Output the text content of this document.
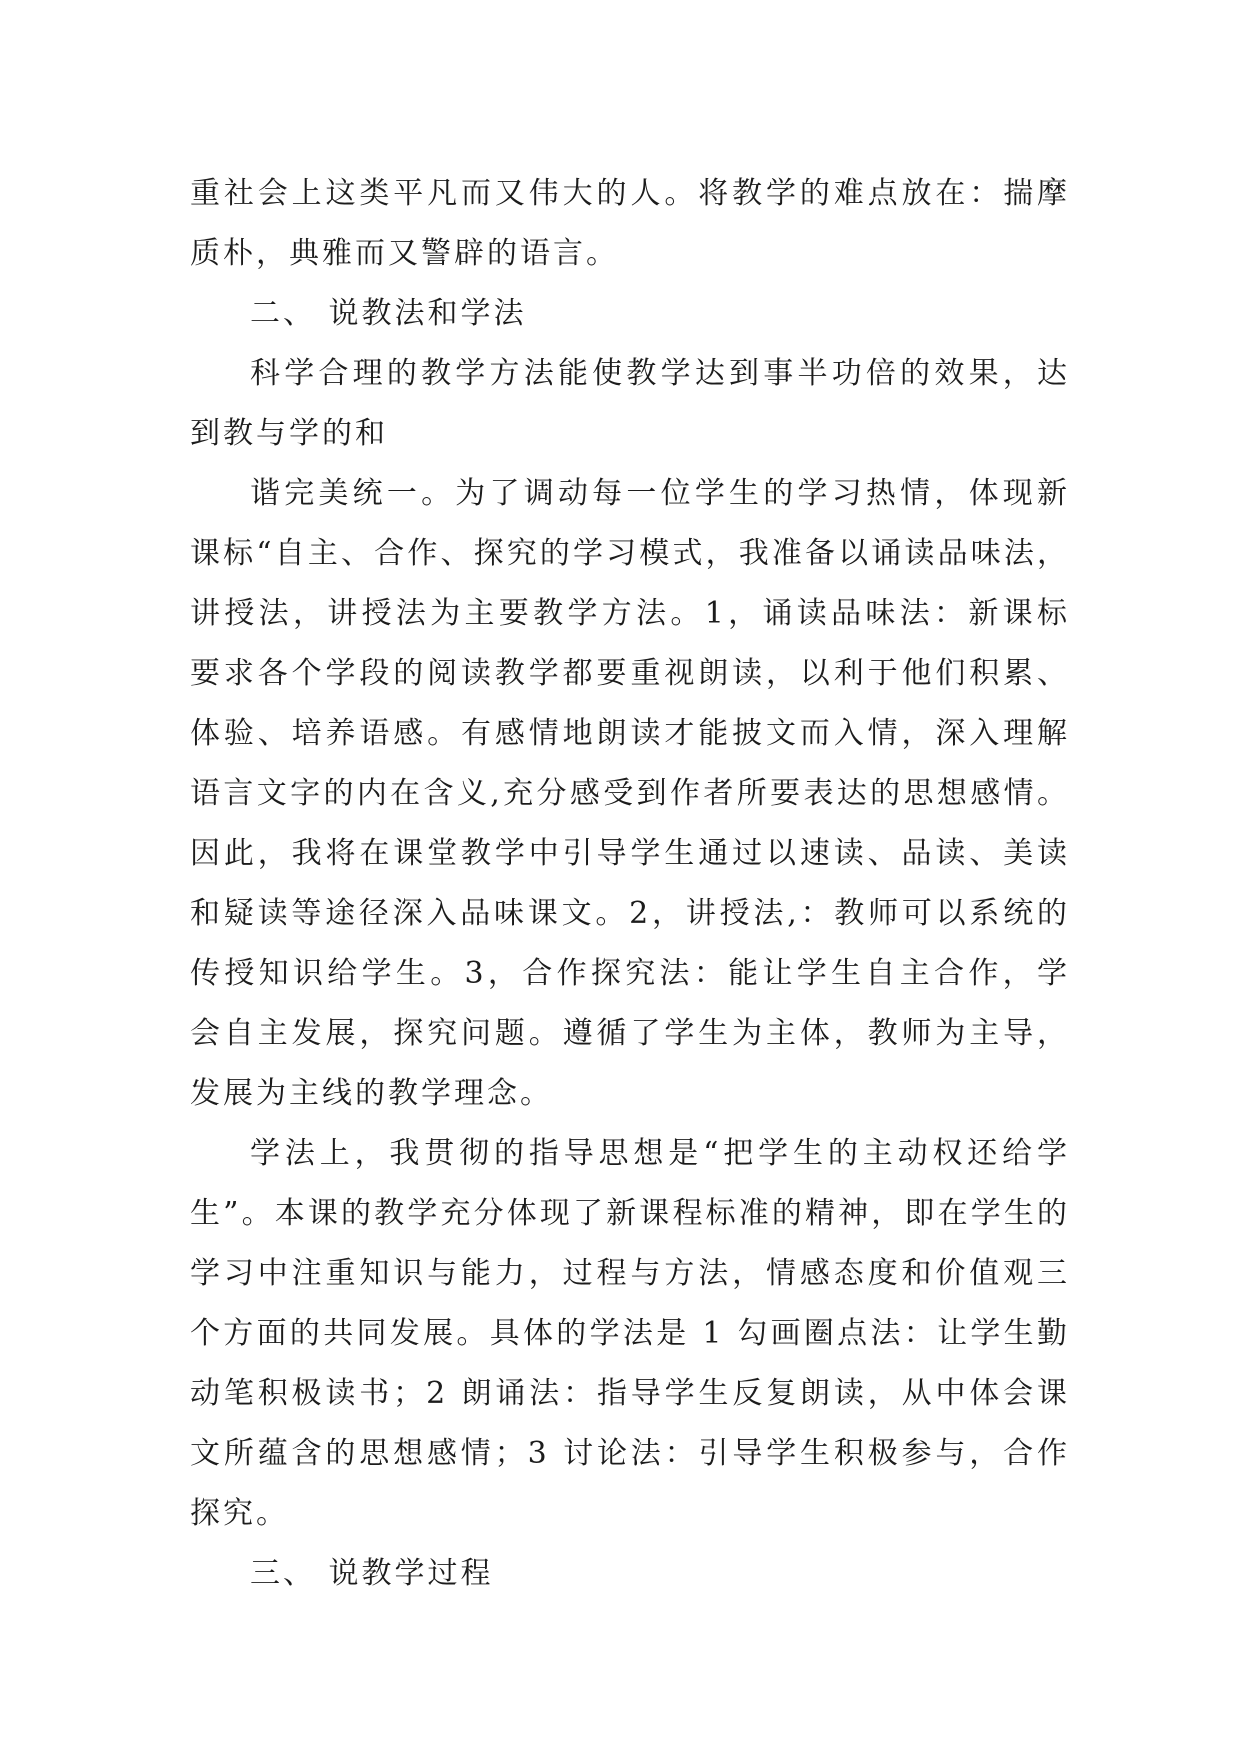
重社会上这类平凡而又伟大的人。将教学的难点放在：揣摩质朴，典雅而又警辟的语言。

二、 说教法和学法

科学合理的教学方法能使教学达到事半功倍的效果，达到教与学的和

谐完美统一。为了调动每一位学生的学习热情，体现新课标“自主、合作、探究的学习模式，我准备以诵读品味法，讲授法，讲授法为主要教学方法。1，诵读品味法：新课标要求各个学段的阅读教学都要重视朗读，以利于他们积累、体验、培养语感。有感情地朗读才能披文而入情，深入理解语言文字的内在含义,充分感受到作者所要表达的思想感情。因此，我将在课堂教学中引导学生通过以速读、品读、美读和疑读等途径深入品味课文。2，讲授法,：教师可以系统的传授知识给学生。3，合作探究法：能让学生自主合作，学会自主发展，探究问题。遵循了学生为主体，教师为主导，发展为主线的教学理念。

学法上，我贯彻的指导思想是“把学生的主动权还给学生”。本课的教学充分体现了新课程标准的精神，即在学生的学习中注重知识与能力，过程与方法，情感态度和价值观三个方面的共同发展。具体的学法是 1 勾画圈点法：让学生勤动笔积极读书；2 朗诵法：指导学生反复朗读，从中体会课文所蕴含的思想感情；3 讨论法：引导学生积极参与，合作探究。

三、 说教学过程
